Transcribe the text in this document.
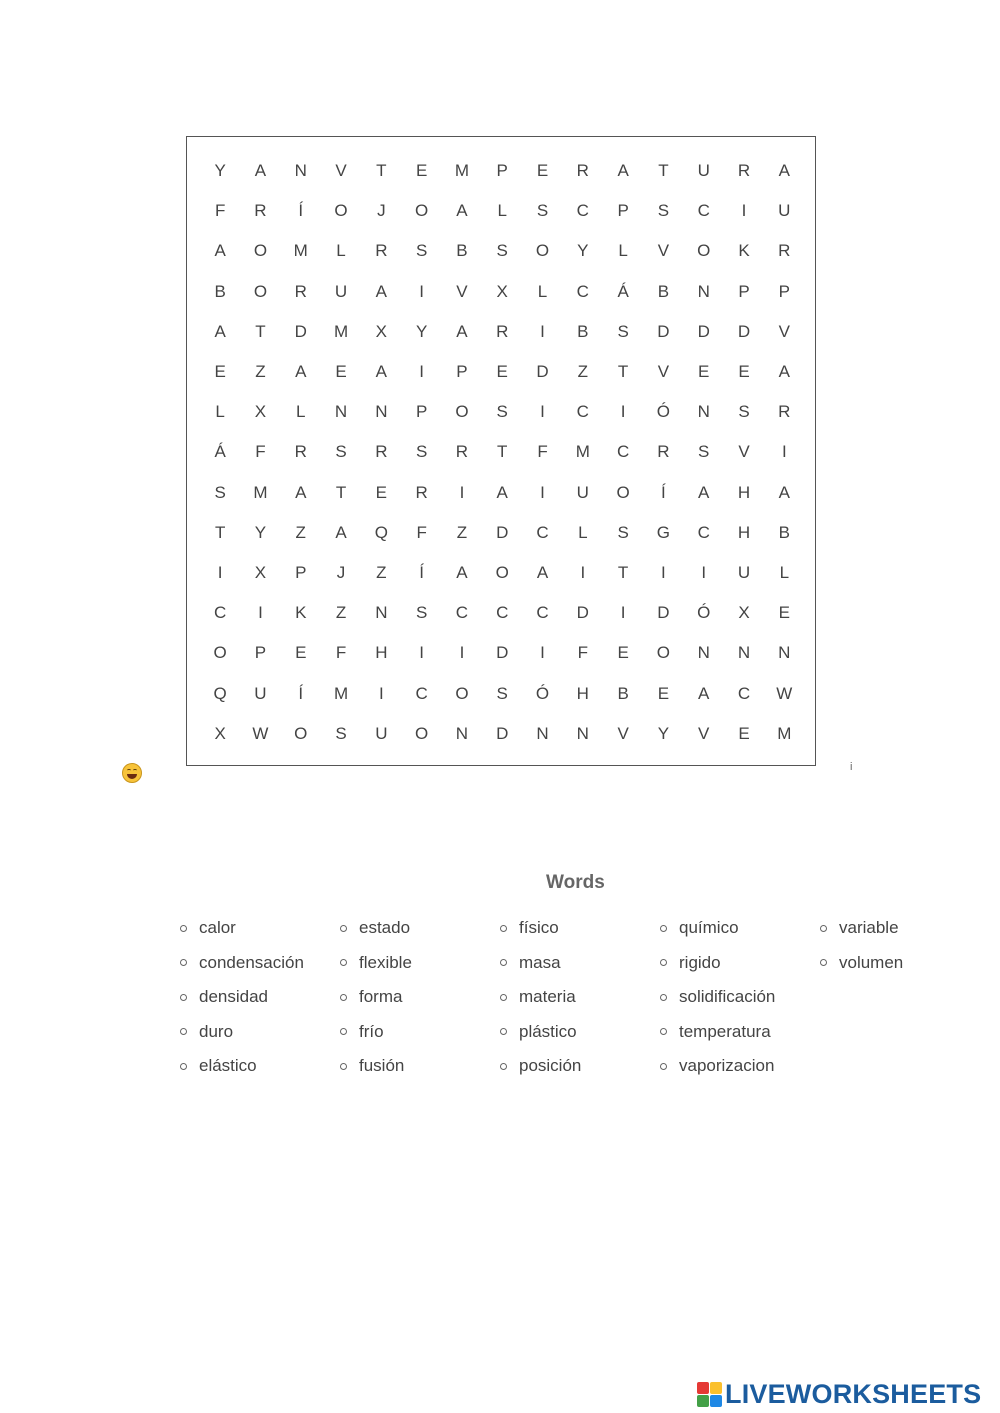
Y	A	N	V	T	E	M	P	E	R	A	T	U	R	A
F	R	Í	O	J	O	A	L	S	C	P	S	C	I	U
A	O	M	L	R	S	B	S	O	Y	L	V	O	K	R
B	O	R	U	A	I	V	X	L	C	Á	B	N	P	P
A	T	D	M	X	Y	A	R	I	B	S	D	D	D	V
E	Z	A	E	A	I	P	E	D	Z	T	V	E	E	A
L	X	L	N	N	P	O	S	I	C	I	Ó	N	S	R
Á	F	R	S	R	S	R	T	F	M	C	R	S	V	I
S	M	A	T	E	R	I	A	I	U	O	Í	A	H	A
T	Y	Z	A	Q	F	Z	D	C	L	S	G	C	H	B
I	X	P	J	Z	Í	A	O	A	I	T	I	I	U	L
C	I	K	Z	N	S	C	C	C	D	I	D	Ó	X	E
O	P	E	F	H	I	I	D	I	F	E	O	N	N	N
Q	U	Í	M	I	C	O	S	Ó	H	B	E	A	C	W
X	W	O	S	U	O	N	D	N	N	V	Y	V	E	M
i
Words
calor
condensación
densidad
duro
elástico
estado
flexible
forma
frío
fusión
físico
masa
materia
plástico
posición
químico
rigido
solidificación
temperatura
vaporizacion
variable
volumen
LIVEWORKSHEETS
